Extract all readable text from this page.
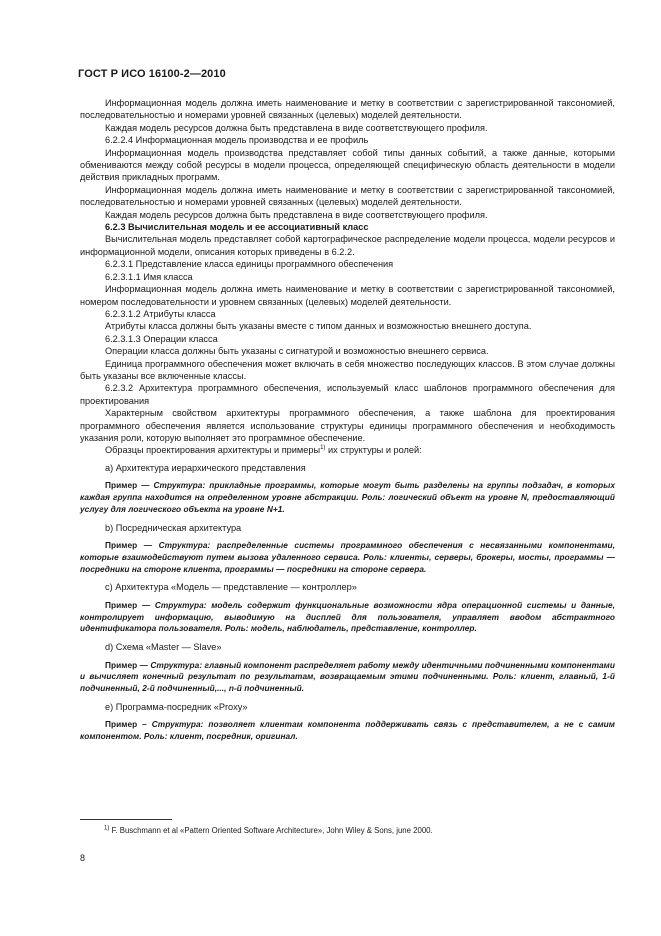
ГОСТ Р ИСО 16100-2—2010

Информационная модель должна иметь наименование и метку в соответствии с зарегистрированной таксономией, последовательностью и номерами уровней связанных (целевых) моделей деятельности.

Каждая модель ресурсов должна быть представлена в виде соответствующего профиля.

6.2.2.4 Информационная модель производства и ее профиль

Информационная модель производства представляет собой типы данных событий, а также данные, которыми обмениваются между собой ресурсы в модели процесса, определяющей специфическую область деятельности в модели действия прикладных программ.

Информационная модель должна иметь наименование и метку в соответствии с зарегистрированной таксономией, последовательностью и номерами уровней связанных (целевых) моделей деятельности.

Каждая модель ресурсов должна быть представлена в виде соответствующего профиля.

6.2.3 Вычислительная модель и ее ассоциативный класс

Вычислительная модель представляет собой картографическое распределение модели процесса, модели ресурсов и информационной модели, описания которых приведены в 6.2.2.

6.2.3.1 Представление класса единицы программного обеспечения

6.2.3.1.1 Имя класса

Информационная модель должна иметь наименование и метку в соответствии с зарегистрированной таксономией, номером последовательности и уровнем связанных (целевых) моделей деятельности.

6.2.3.1.2 Атрибуты класса

Атрибуты класса должны быть указаны вместе с типом данных и возможностью внешнего доступа.

6.2.3.1.3 Операции класса

Операции класса должны быть указаны с сигнатурой и возможностью внешнего сервиса.

Единица программного обеспечения может включать в себя множество последующих классов. В этом случае должны быть указаны все включенные классы.

6.2.3.2 Архитектура программного обеспечения, используемый класс шаблонов программного обеспечения для проектирования

Характерным свойством архитектуры программного обеспечения, а также шаблона для проектирования программного обеспечения является использование структуры единицы программного обеспечения и необходимость указания роли, которую выполняет это программное обеспечение.

Образцы проектирования архитектуры и примеры$^{1)}$ их структуры и ролей:

а) Архитектура иерархического представления

Пример — Структура: прикладные программы, которые могут быть разделены на группы подзадач, в которых каждая группа находится на определенном уровне абстракции. Роль: логический объект на уровне N, предоставляющий услугу для логического объекта на уровне N+1.

b) Посредническая архитектура

Пример — Структура: распределенные системы программного обеспечения с несвязанными компонентами, которые взаимодействуют путем вызова удаленного сервиса. Роль: клиенты, серверы, брокеры, мосты, программы — посредники на стороне клиента, программы — посредники на стороне сервера.

с) Архитектура «Модель — представление — контроллер»

Пример — Структура: модель содержит функциональные возможности ядра операционной системы и данные, контролирует информацию, выводимую на дисплей для пользователя, управляет вводом абстрактного идентификатора пользователя. Роль: модель, наблюдатель, представление, контроллер.

d) Схема «Master — Slave»

Пример — Структура: главный компонент распределяет работу между идентичными подчиненными компонентами и вычисляет конечный результат по результатам, возвращаемым этими подчиненными. Роль: клиент, главный, 1-й подчиненный, 2-й подчиненный,..., n-й подчиненный.

е) Программа-посредник «Proxy»

Пример – Структура: позволяет клиентам компонента поддерживать связь с представителем, а не с самим компонентом. Роль: клиент, посредник, оригинал.

$^{1)}$ F. Buschmann et al «Pattern Oriented Software Architecture», John Wiley & Sons, june 2000.
8
